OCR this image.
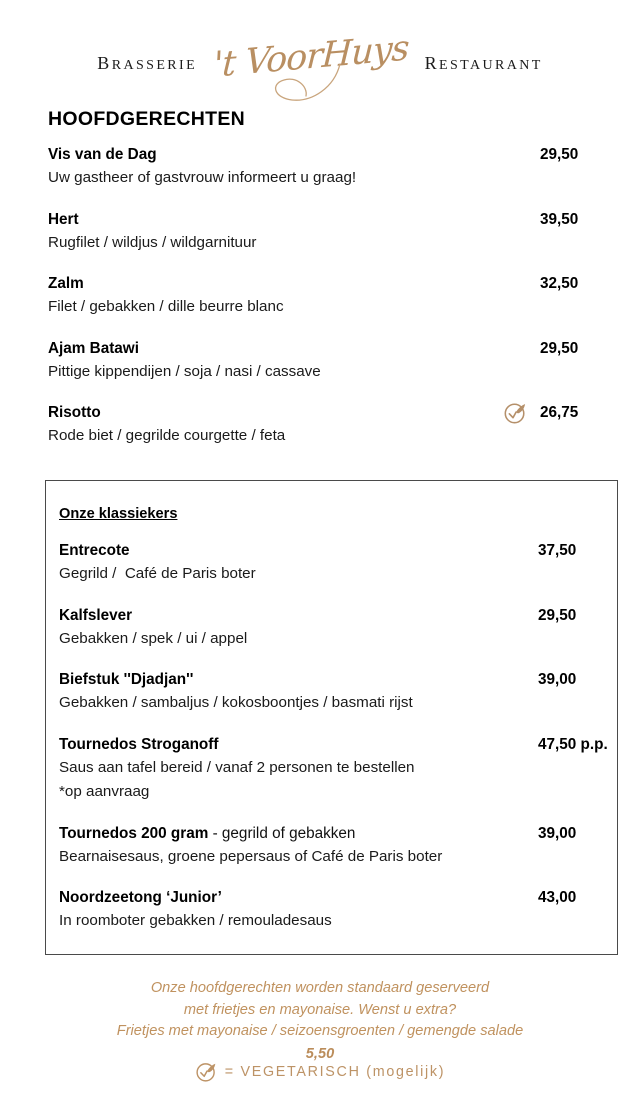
brasserie 't VoorHuys restaurant
HOOFDGERECHTEN
Vis van de Dag	29,50
Uw gastheer of gastvrouw informeert u graag!
Hert	39,50
Rugfilet / wildjus / wildgarnituur
Zalm	32,50
Filet / gebakken / dille beurre blanc
Ajam Batawi	29,50
Pittige kippendijen / soja / nasi / cassave
Risotto	26,75
Rode biet / gegrilde courgette / feta
Onze klassiekers
Entrecote	37,50
Gegrild /  Café de Paris boter
Kalfslever	29,50
Gebakken / spek / ui / appel
Biefstuk ''Djadjan''	39,00
Gebakken / sambaljus / kokosboontjes / basmati rijst
Tournedos Stroganoff	47,50 p.p.
Saus aan tafel bereid / vanaf 2 personen te bestellen
*op aanvraag
Tournedos 200 gram - gegrild of gebakken	39,00
Bearnaisesaus, groene pepersaus of Café de Paris boter
Noordzeetong ‘Junior’	43,00
In roomboter gebakken / remouladesaus
Onze hoofdgerechten worden standaard geserveerd
met frietjes en mayonaise. Wenst u extra?
Frietjes met mayonaise / seizoensgroenten / gemengde salade
5,50
= VEGETARISCH (mogelijk)
